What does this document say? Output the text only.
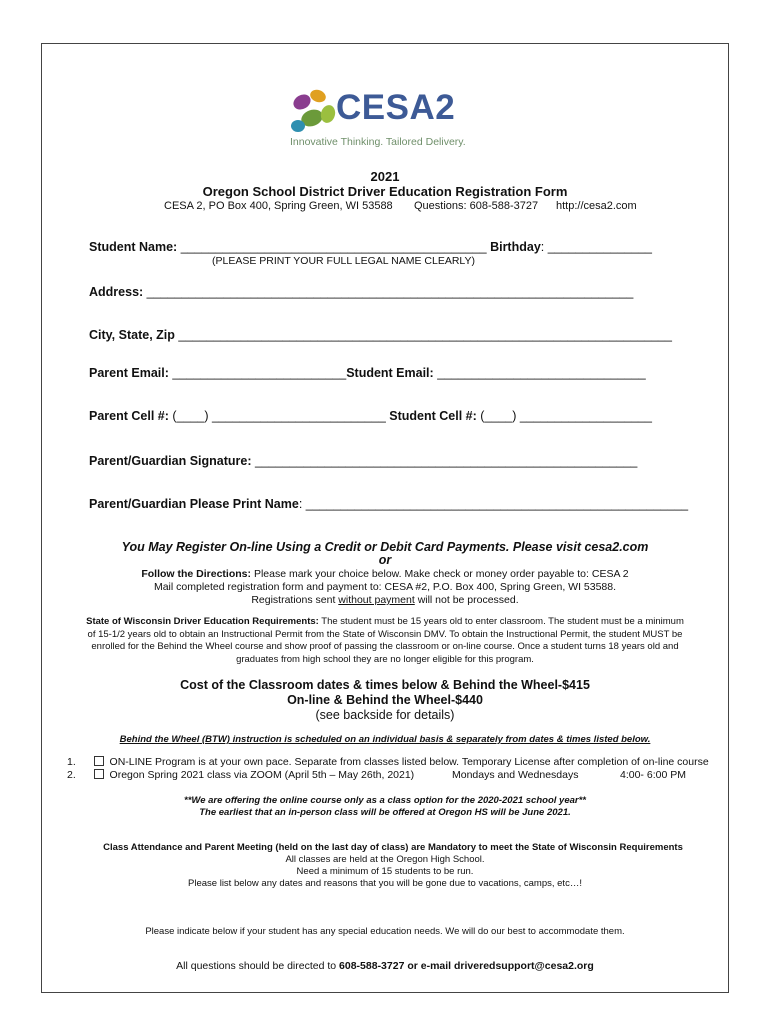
CESA2
Innovative Thinking. Tailored Delivery.
2021
Oregon School District Driver Education Registration Form
CESA 2, PO Box 400, Spring Green, WI 53588 Questions: 608-588-3727 http://cesa2.com
Student Name: ____________________________________________ Birthday: _______________
(PLEASE PRINT YOUR FULL LEGAL NAME CLEARLY)
Address: ______________________________________________________________________
City, State, Zip _______________________________________________________________________
Parent Email: _________________________Student Email: ______________________________
Parent Cell #: (____) _________________________ Student Cell #: (____) ___________________
Parent/Guardian Signature: _______________________________________________________
Parent/Guardian Please Print Name: _______________________________________________________
You May Register On-line Using a Credit or Debit Card Payments. Please visit cesa2.com
or
Follow the Directions: Please mark your choice below. Make check or money order payable to: CESA 2
Mail completed registration form and payment to: CESA #2, P.O. Box 400, Spring Green, WI 53588.
Registrations sent without payment will not be processed.
State of Wisconsin Driver Education Requirements: The student must be 15 years old to enter classroom. The student must be a minimum
of 15-1/2 years old to obtain an Instructional Permit from the State of Wisconsin DMV. To obtain the Instructional Permit, the student MUST be
enrolled for the Behind the Wheel course and show proof of passing the classroom or on-line course. Once a student turns 18 years old and
graduates from high school they are no longer eligible for this program.
Cost of the Classroom dates & times below & Behind the Wheel-$415
On-line & Behind the Wheel-$440
(see backside for details)
Behind the Wheel (BTW) instruction is scheduled on an individual basis & separately from dates & times listed below.
1.	ON-LINE Program is at your own pace. Separate from classes listed below. Temporary License after completion of on-line course
2.	Oregon Spring 2021 class via ZOOM (April 5th – May 26th, 2021)	Mondays and Wednesdays	4:00- 6:00 PM
**We are offering the online course only as a class option for the 2020-2021 school year**
The earliest that an in-person class will be offered at Oregon HS will be June 2021.
Class Attendance and Parent Meeting (held on the last day of class) are Mandatory to meet the State of Wisconsin Requirements
All classes are held at the Oregon High School.
Need a minimum of 15 students to be run.
Please list below any dates and reasons that you will be gone due to vacations, camps, etc…!
Please indicate below if your student has any special education needs. We will do our best to accommodate them.
All questions should be directed to 608-588-3727 or e-mail driveredsupport@cesa2.org
